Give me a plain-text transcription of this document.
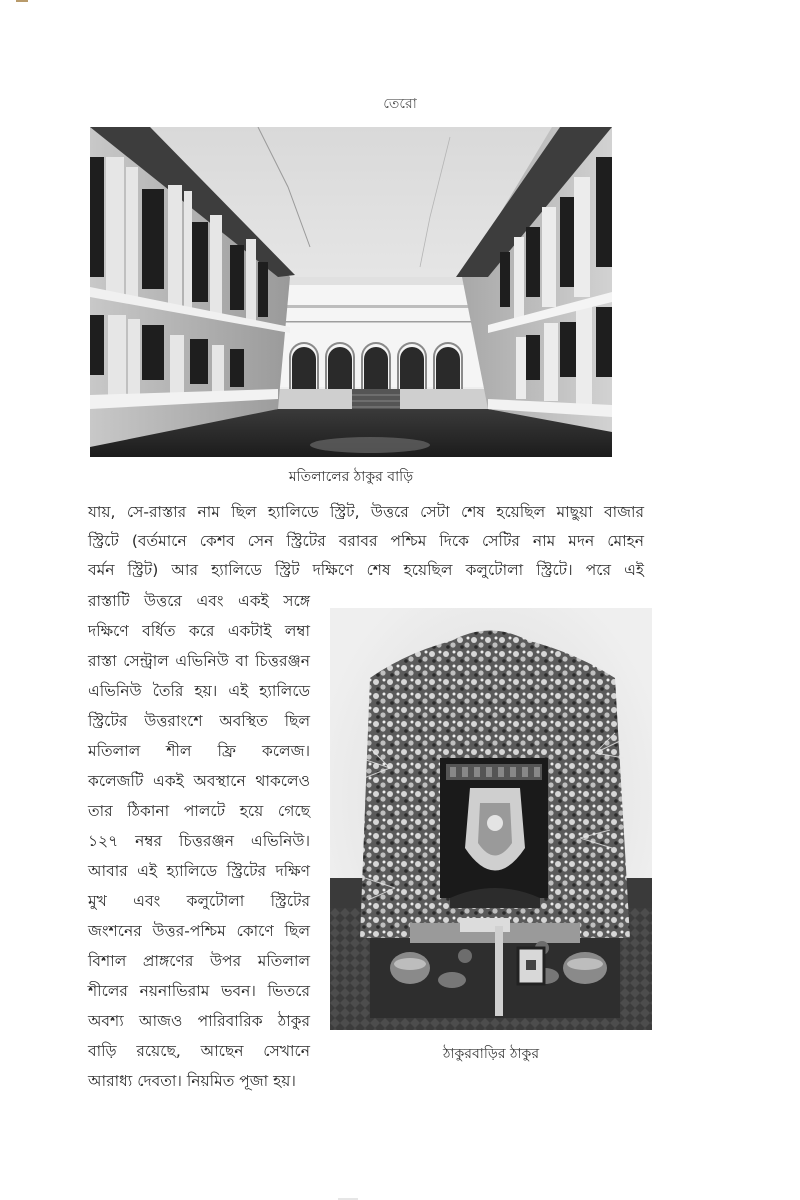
তেরো
মতিলালের ঠাকুর বাড়ি
যায়, সে-রাস্তার নাম ছিল হ্যালিডে স্ট্রিট, উত্তরে সেটা শেষ হয়েছিল মাছুয়া বাজার
স্ট্রিটে (বর্তমানে কেশব সেন স্ট্রিটের বরাবর পশ্চিম দিকে সেটির নাম মদন মোহন
বর্মন স্ট্রিট) আর হ্যালিডে স্ট্রিট দক্ষিণে শেষ হয়েছিল কলুটোলা স্ট্রিটে। পরে এই
রাস্তাটি উত্তরে এবং একই সঙ্গে
দক্ষিণে বর্ধিত করে একটাই লম্বা
রাস্তা সেন্ট্রাল এভিনিউ বা চিত্তরঞ্জন
এভিনিউ তৈরি হয়। এই হ্যালিডে
স্ট্রিটের উত্তরাংশে অবস্থিত ছিল
মতিলাল শীল ফ্রি কলেজ।
কলেজটি একই অবস্থানে থাকলেও
তার ঠিকানা পালটে হয়ে গেছে
১২৭ নম্বর চিত্তরঞ্জন এভিনিউ।
আবার এই হ্যালিডে স্ট্রিটের দক্ষিণ
মুখ এবং কলুটোলা স্ট্রিটের
জংশনের উত্তর-পশ্চিম কোণে ছিল
বিশাল প্রাঙ্গণের উপর মতিলাল
শীলের নয়নাভিরাম ভবন। ভিতরে
অবশ্য আজও পারিবারিক ঠাকুর
বাড়ি রয়েছে, আছেন সেখানে
আরাধ্য দেবতা। নিয়মিত পূজা হয়।
ঠাকুরবাড়ির ঠাকুর
